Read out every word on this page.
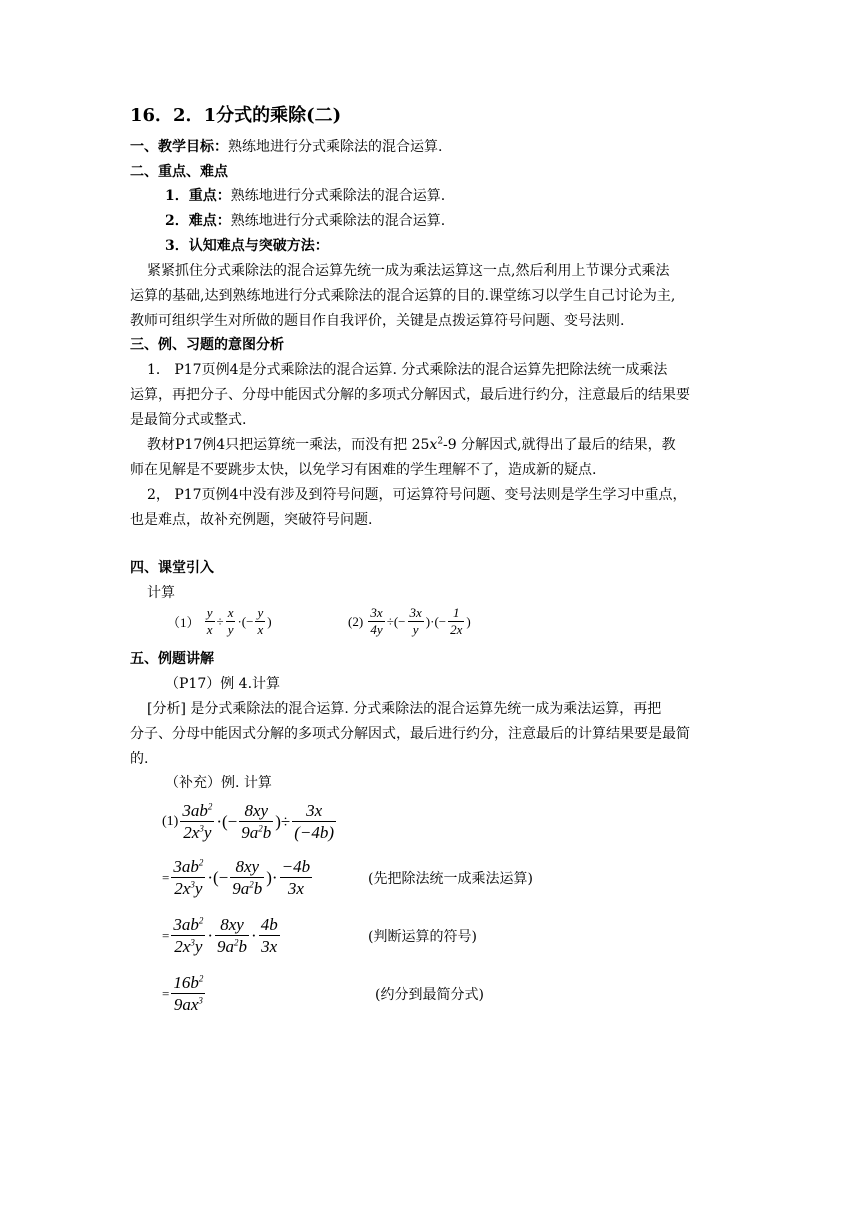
16．2．1分式的乘除(二)
一、教学目标：熟练地进行分式乘除法的混合运算.
二、重点、难点
1．重点：熟练地进行分式乘除法的混合运算.
2．难点：熟练地进行分式乘除法的混合运算.
3．认知难点与突破方法：
紧紧抓住分式乘除法的混合运算先统一成为乘法运算这一点,然后利用上节课分式乘法
运算的基础,达到熟练地进行分式乘除法的混合运算的目的.课堂练习以学生自己讨论为主,
教师可组织学生对所做的题目作自我评价，关键是点拨运算符号问题、变号法则.
三、例、习题的意图分析
1． P17页例4是分式乘除法的混合运算. 分式乘除法的混合运算先把除法统一成乘法
运算，再把分子、分母中能因式分解的多项式分解因式，最后进行约分，注意最后的结果要
是最简分式或整式.
教材P17例4只把运算统一乘法，而没有把 $25x^2-9$ 分解因式,就得出了最后的结果，教
师在见解是不要跳步太快，以免学习有困难的学生理解不了，造成新的疑点.
2， P17页例4中没有涉及到符号问题，可运算符号问题、变号法则是学生学习中重点，
也是难点，故补充例题，突破符号问题.
四、课堂引入
计算
$(1) \frac{y}{x} \div \frac{x}{y}$ ·(− $\frac{y}{x}$ )	$(2) \frac{3x}{4y}$ ÷(− $\frac{3x}{y}$ )·(− $\frac{1}{2x}$ )
五、例题讲解
（P17）例 4.计算
[分析] 是分式乘除法的混合运算. 分式乘除法的混合运算先统一成为乘法运算，再把
分子、分母中能因式分解的多项式分解因式，最后进行约分，注意最后的计算结果要是最简
的.
（补充）例. 计算
$(1) \frac{3ab^2}{2x^3y}$ ·(− $\frac{8xy}{9a^2b}$ )÷ $\frac{3x}{(-4b)}$
= $\frac{3ab^2}{2x^3y}$ ·(− $\frac{8xy}{9a^2b}$ )· $\frac{-4b}{3x}$	(先把除法统一成乘法运算)
= $\frac{3ab^2}{2x^3y} \cdot \frac{8xy}{9a^2b} \cdot \frac{4b}{3x}$	(判断运算的符号)
= $\frac{16b^2}{9ax^3}$	(约分到最简分式)
